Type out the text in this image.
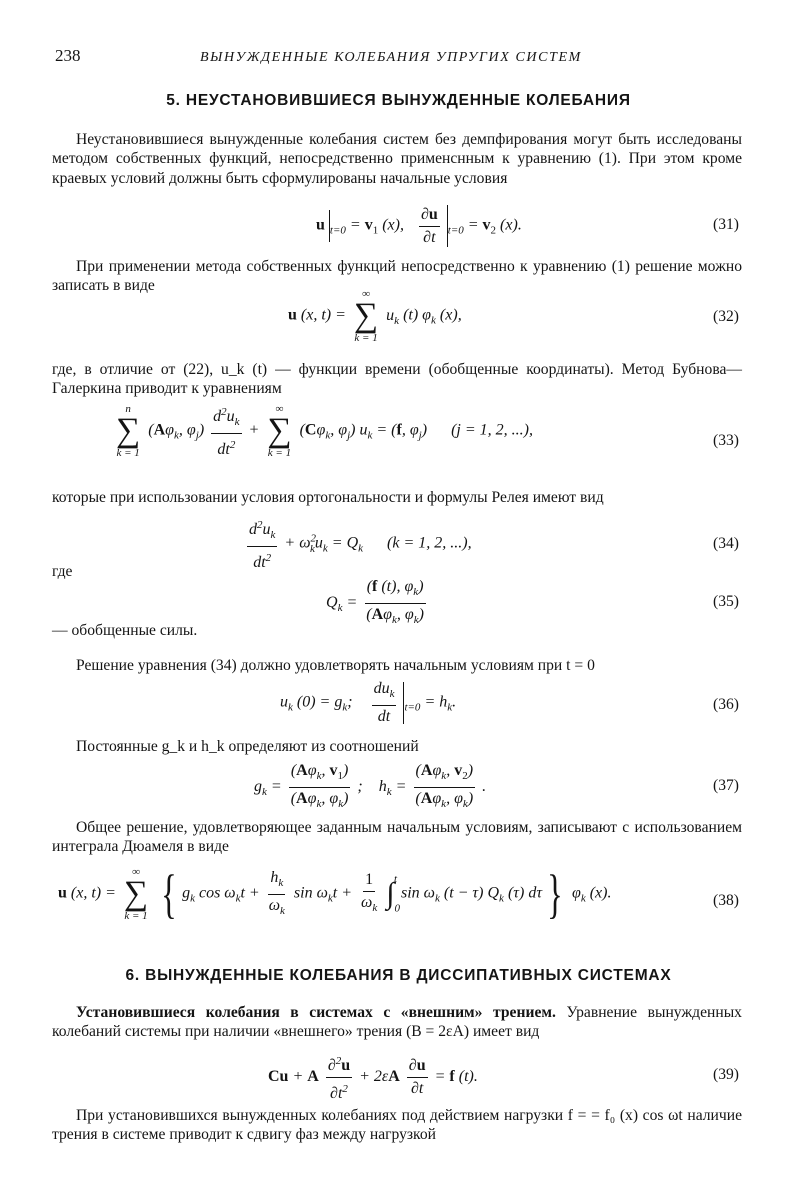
238	ВЫНУЖДЕННЫЕ КОЛЕБАНИЯ УПРУГИХ СИСТЕМ
5. НЕУСТАНОВИВШИЕСЯ ВЫНУЖДЕННЫЕ КОЛЕБАНИЯ
Неустановившиеся вынужденные колебания систем без демпфирования могут быть исследованы методом собственных функций, непосредственно применснным к уравнению (1). При этом кроме краевых условий должны быть сформулированы начальные условия
u $_{t=0} = v_1$ (x), $\frac{\partial u}{\partial t} _{t=0} = v_2$ (x).	(31)
При применении метода собственных функций непосредственно к уравнению (1) решение можно записать в виде
u (x, t) =
∞
∑
k = 1
$u_k$ (t) $\varphi_k$ (x),	(32)
где, в отличие от (22), u_k (t) — функции времени (обобщенные координаты). Метод Бубнова—Галеркина приводит к уравнениям
n
∑
k = 1
($A\varphi_k$, $\varphi_j) \frac{d^2u_k}{dt^2}$ +
∞
∑
k = 1
($C\varphi_k$, $\varphi_j$) $u_k = (f$, $\varphi_j$)      (j = 1, 2, ...),
(33)
которые при использовании условия ортогональности и формулы Релея имеют вид
$\frac{d^2u_k}{dt^2} + \omega^2_ku_k = Q_k$      (k = 1, 2, ...),	(34)
где
$Q_k = \frac{(f (t), \varphi_k)}{(A\varphi_k, \varphi_k)}$	(35)
— обобщенные силы.
Решение уравнения (34) должно удовлетворять начальным условиям при t = 0
$u_k$ $(0) = g_k$; $\frac{du_k}{dt} _{t=0} = h_k$.	(36)
Постоянные g_k и h_k определяют из соотношений
$g_k = \frac{(A\varphi_k, v_1)}{(A\varphi_k, \varphi_k)}$ ;    $h_k = \frac{(A\varphi_k, v_2)}{(A\varphi_k, \varphi_k)}$ .	(37)
Общее решение, удовлетворяющее заданным начальным условиям, записывают с использованием интеграла Дюамеля в виде
u (x, t) =
∞
∑
k = 1 { $g_k$ $\cos \omega_kt + \frac{h_k}{\omega_k}$ $\sin \omega_kt + \frac{1}{\omega_k} \int_0^t$ $\sin \omega_k$ (t − τ) $Q_k$ (τ) dτ} $\varphi_k$ (x).	(38)
6. ВЫНУЖДЕННЫЕ КОЛЕБАНИЯ В ДИССИПАТИВНЫХ СИСТЕМАХ
Установившиеся колебания в системах с «внешним» трением. Уравнение вынужденных колебаний системы при наличии «внешнего» трения (B = 2εA) имеет вид
Cu + A $\frac{\partial^2u}{\partial t^2} + 2\varepsilon A \frac{\partial u}{\partial t} = f$ (t).	(39)
При установившихся вынужденных колебаниях под действием нагрузки f = = f₀ (x) cos ωt наличие трения в системе приводит к сдвигу фаз между нагрузкой
